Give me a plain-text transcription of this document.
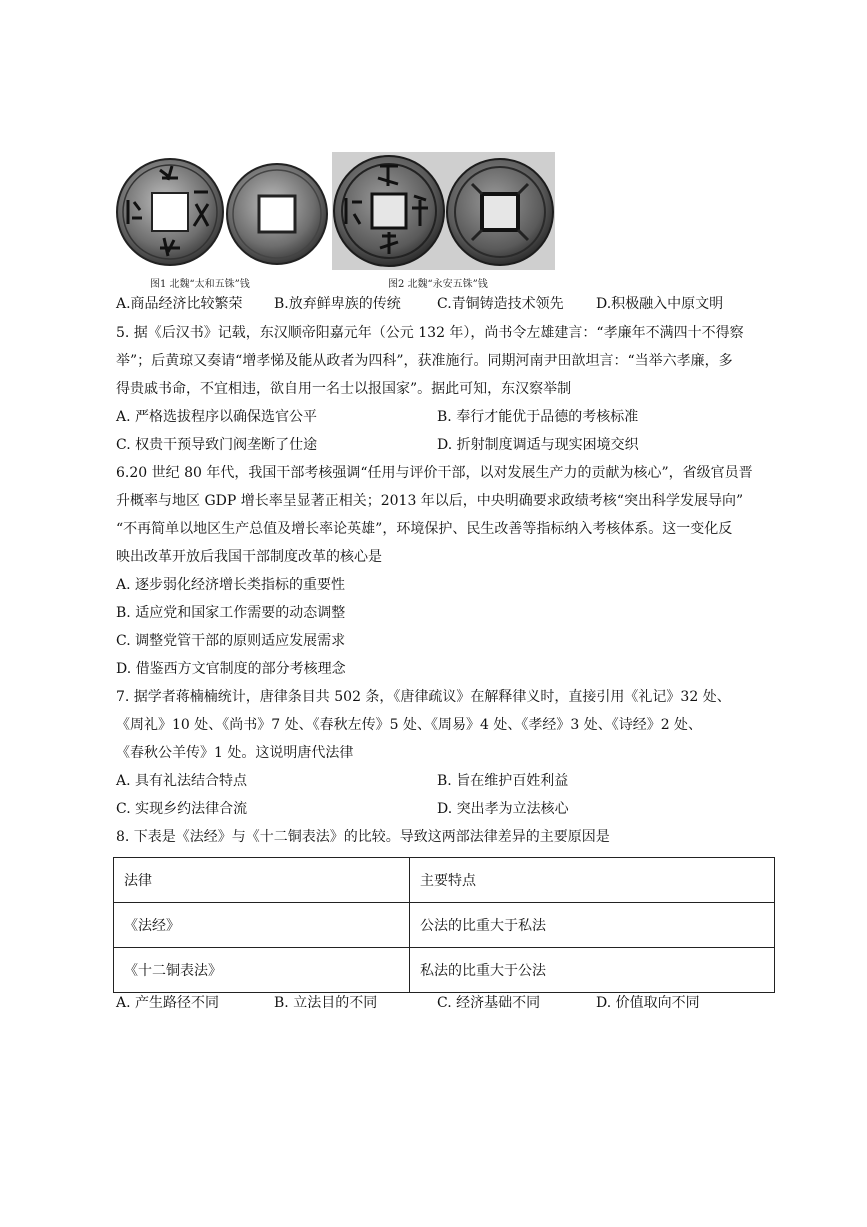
图1 北魏“太和五铢”钱	图2 北魏“永安五铢”钱
A.商品经济比较繁荣 B.放弃鲜卑族的传统	C.青铜铸造技术领先 D.积极融入中原文明
5. 据《后汉书》记载，东汉顺帝阳嘉元年（公元 132 年），尚书令左雄建言：“孝廉年不满四十不得察
举”；后黄琼又奏请“增孝悌及能从政者为四科”，获准施行。同期河南尹田歆坦言：“当举六孝廉，多
得贵戚书命，不宜相违，欲自用一名士以报国家”。据此可知，东汉察举制
A. 严格选拔程序以确保选官公平	B. 奉行才能优于品德的考核标准
C. 权贵干预导致门阀垄断了仕途	D. 折射制度调适与现实困境交织
6.20 世纪 80 年代，我国干部考核强调“任用与评价干部，以对发展生产力的贡献为核心”，省级官员晋
升概率与地区 GDP 增长率呈显著正相关；2013 年以后，中央明确要求政绩考核“突出科学发展导向”
“不再简单以地区生产总值及增长率论英雄”，环境保护、民生改善等指标纳入考核体系。这一变化反
映出改革开放后我国干部制度改革的核心是
A. 逐步弱化经济增长类指标的重要性
B. 适应党和国家工作需要的动态调整
C. 调整党管干部的原则适应发展需求
D. 借鉴西方文官制度的部分考核理念
7. 据学者蒋楠楠统计，唐律条目共 502 条，《唐律疏议》在解释律义时，直接引用《礼记》32 处、
《周礼》10 处、《尚书》7 处、《春秋左传》5 处、《周易》4 处、《孝经》3 处、《诗经》2 处、
《春秋公羊传》1 处。这说明唐代法律
A. 具有礼法结合特点	B. 旨在维护百姓利益
C. 实现乡约法律合流	D. 突出孝为立法核心
8. 下表是《法经》与《十二铜表法》的比较。导致这两部法律差异的主要原因是
法律	主要特点
《法经》	公法的比重大于私法
《十二铜表法》	私法的比重大于公法
A. 产生路径不同	B. 立法目的不同	C. 经济基础不同	D. 价值取向不同
